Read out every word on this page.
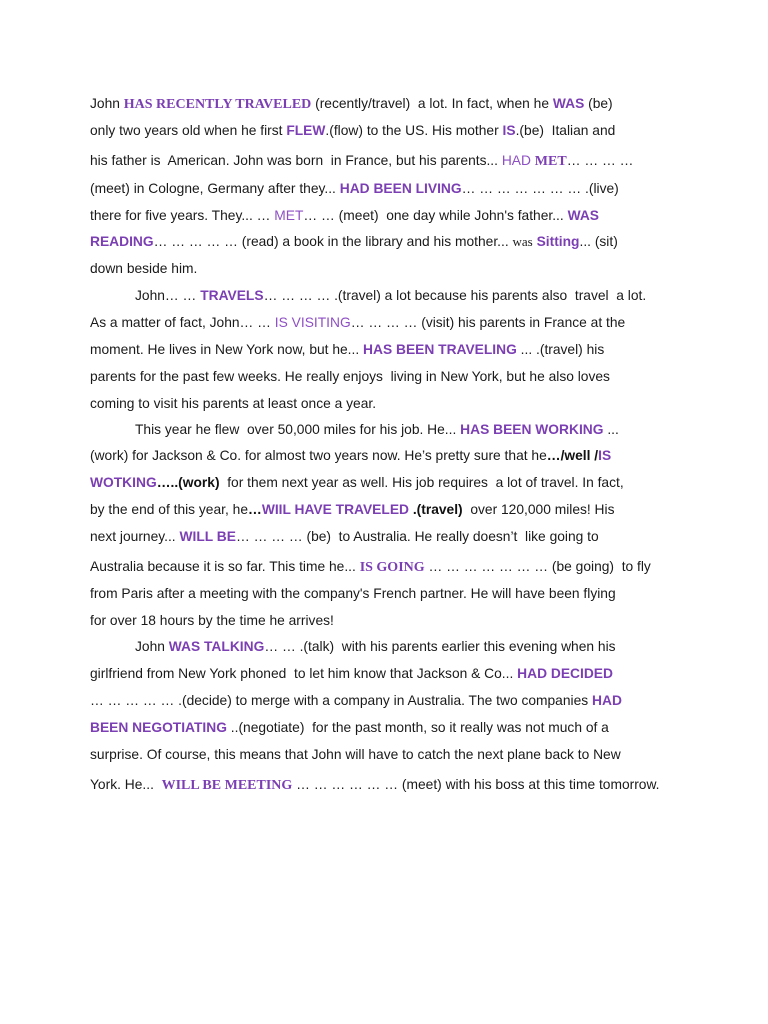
John HAS RECENTLY TRAVELED (recently/travel)  a lot. In fact, when he WAS (be)
only two years old when he first FLEW.(flow) to the US. His mother IS.(be)  Italian and
his father is  American. John was born  in France, but his parents... HAD MET… … … …
(meet) in Cologne, Germany after they... HAD BEEN LIVING… … … … … … … .(live)
there for five years. They... … MET… … (meet)  one day while John's father... WAS
READING… … … … … (read) a book in the library and his mother... was Sitting... (sit)
down beside him.
John… … TRAVELS… … … … .(travel) a lot because his parents also  travel  a lot.
As a matter of fact, John… … IS VISITING… … … … (visit) his parents in France at the
moment. He lives in New York now, but he... HAS BEEN TRAVELING ... .(travel) his
parents for the past few weeks. He really enjoys  living in New York, but he also loves
coming to visit his parents at least once a year.
This year he flew  over 50,000 miles for his job. He... HAS BEEN WORKING ...
(work) for Jackson & Co. for almost two years now. He’s pretty sure that he…/well /IS
WOTKING…..(work)  for them next year as well. His job requires  a lot of travel. In fact,
by the end of this year, he…WIIL HAVE TRAVELED .(travel)  over 120,000 miles! His
next journey... WILL BE… … … … (be)  to Australia. He really doesn’t  like going to
Australia because it is so far. This time he... IS GOING … … … … … … … (be going)  to fly
from Paris after a meeting with the company's French partner. He will have been flying
for over 18 hours by the time he arrives!
John WAS TALKING… … .(talk)  with his parents earlier this evening when his
girlfriend from New York phoned  to let him know that Jackson & Co... HAD DECIDED
… … … … … .(decide) to merge with a company in Australia. The two companies HAD
BEEN NEGOTIATING ..(negotiate)  for the past month, so it really was not much of a
surprise. Of course, this means that John will have to catch the next plane back to New
York. He...  WILL BE MEETING … … … … … … (meet) with his boss at this time tomorrow.
